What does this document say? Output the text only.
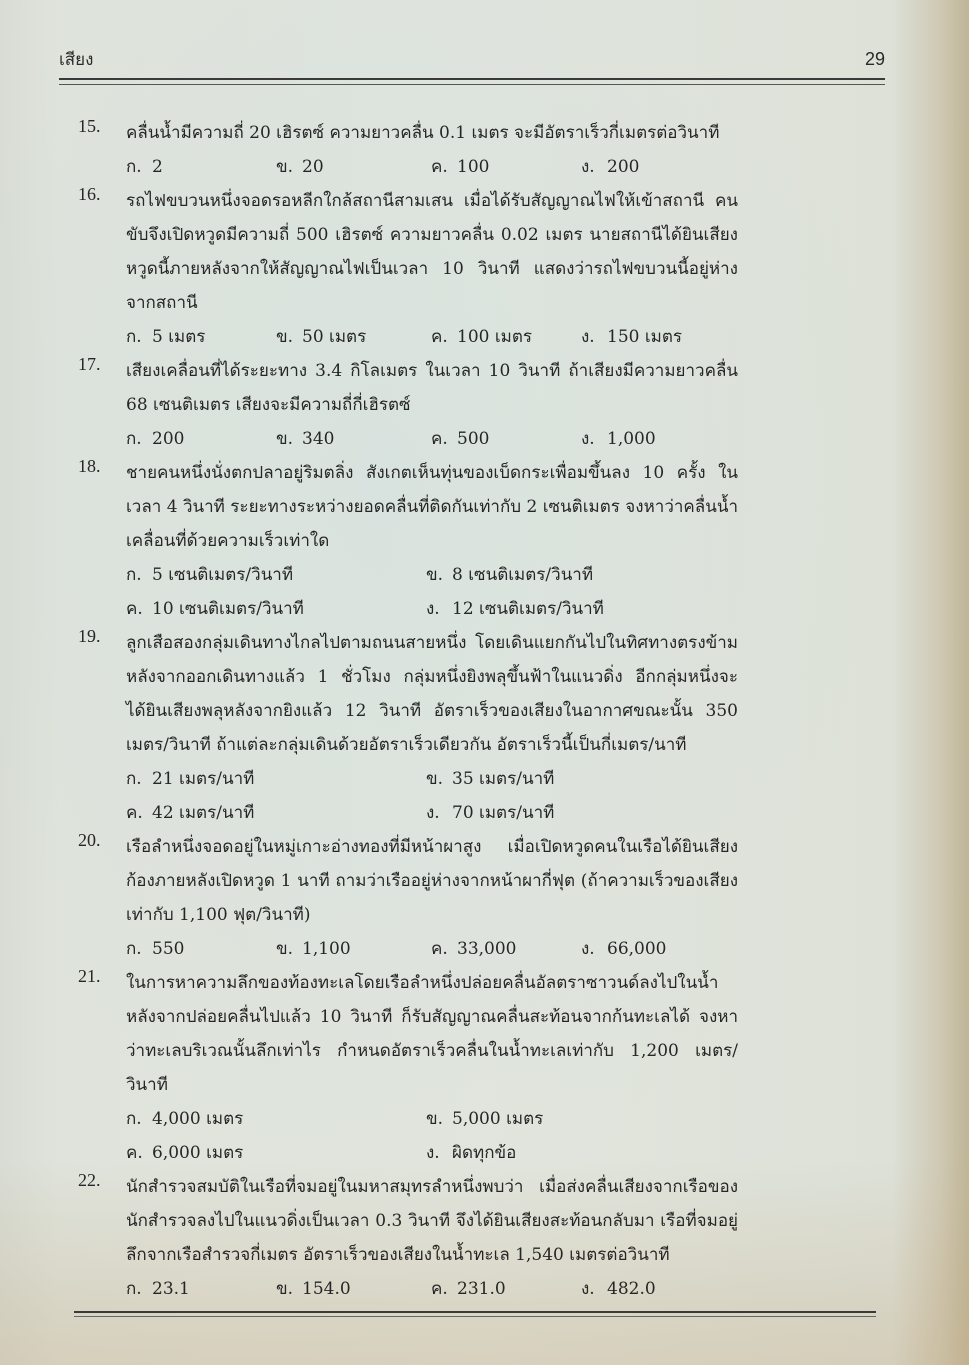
เสียง	29
15.	คลื่นน้ำมีความถี่ 20 เฮิรตซ์ ความยาวคลื่น 0.1 เมตร จะมีอัตราเร็วกี่เมตรต่อวินาที
ก. 2	ข. 20	ค. 100	ง. 200
16.	รถไฟขบวนหนึ่งจอดรอหลีกใกล้สถานีสามเสน เมื่อได้รับสัญญาณไฟให้เข้าสถานี คนขับจึงเปิดหวูดมีความถี่ 500 เฮิรตซ์ ความยาวคลื่น 0.02 เมตร นายสถานีได้ยินเสียงหวูดนี้ภายหลังจากให้สัญญาณไฟเป็นเวลา 10 วินาที แสดงว่ารถไฟขบวนนี้อยู่ห่างจากสถานี
ก. 5 เมตร	ข. 50 เมตร	ค. 100 เมตร	ง. 150 เมตร
17.	เสียงเคลื่อนที่ได้ระยะทาง 3.4 กิโลเมตร ในเวลา 10 วินาที ถ้าเสียงมีความยาวคลื่น 68 เซนติเมตร เสียงจะมีความถี่กี่เฮิรตซ์
ก. 200	ข. 340	ค. 500	ง. 1,000
18.	ชายคนหนึ่งนั่งตกปลาอยู่ริมตลิ่ง สังเกตเห็นทุ่นของเบ็ดกระเพื่อมขึ้นลง 10 ครั้ง ในเวลา 4 วินาที ระยะทางระหว่างยอดคลื่นที่ติดกันเท่ากับ 2 เซนติเมตร จงหาว่าคลื่นน้ำเคลื่อนที่ด้วยความเร็วเท่าใด
ก. 5 เซนติเมตร/วินาที	ข. 8 เซนติเมตร/วินาที
ค. 10 เซนติเมตร/วินาที	ง. 12 เซนติเมตร/วินาที
19.	ลูกเสือสองกลุ่มเดินทางไกลไปตามถนนสายหนึ่ง โดยเดินแยกกันไปในทิศทางตรงข้าม หลังจากออกเดินทางแล้ว 1 ชั่วโมง กลุ่มหนึ่งยิงพลุขึ้นฟ้าในแนวดิ่ง อีกกลุ่มหนึ่งจะได้ยินเสียงพลุหลังจากยิงแล้ว 12 วินาที อัตราเร็วของเสียงในอากาศขณะนั้น 350 เมตร/วินาที ถ้าแต่ละกลุ่มเดินด้วยอัตราเร็วเดียวกัน อัตราเร็วนี้เป็นกี่เมตร/นาที
ก. 21 เมตร/นาที	ข. 35 เมตร/นาที
ค. 42 เมตร/นาที	ง. 70 เมตร/นาที
20.	เรือลำหนึ่งจอดอยู่ในหมู่เกาะอ่างทองที่มีหน้าผาสูง เมื่อเปิดหวูดคนในเรือได้ยินเสียงก้องภายหลังเปิดหวูด 1 นาที ถามว่าเรืออยู่ห่างจากหน้าผากี่ฟุต (ถ้าความเร็วของเสียงเท่ากับ 1,100 ฟุต/วินาที)
ก. 550	ข. 1,100	ค. 33,000	ง. 66,000
21.	ในการหาความลึกของท้องทะเลโดยเรือลำหนึ่งปล่อยคลื่นอัลตราซาวนด์ลงไปในน้ำ หลังจากปล่อยคลื่นไปแล้ว 10 วินาที ก็รับสัญญาณคลื่นสะท้อนจากก้นทะเลได้ จงหาว่าทะเลบริเวณนั้นลึกเท่าไร กำหนดอัตราเร็วคลื่นในน้ำทะเลเท่ากับ 1,200 เมตร/วินาที
ก. 4,000 เมตร	ข. 5,000 เมตร
ค. 6,000 เมตร	ง. ผิดทุกข้อ
22.	นักสำรวจสมบัติในเรือที่จมอยู่ในมหาสมุทรลำหนึ่งพบว่า เมื่อส่งคลื่นเสียงจากเรือของนักสำรวจลงไปในแนวดิ่งเป็นเวลา 0.3 วินาที จึงได้ยินเสียงสะท้อนกลับมา เรือที่จมอยู่ลึกจากเรือสำรวจกี่เมตร อัตราเร็วของเสียงในน้ำทะเล 1,540 เมตรต่อวินาที
ก. 23.1	ข. 154.0	ค. 231.0	ง. 482.0
